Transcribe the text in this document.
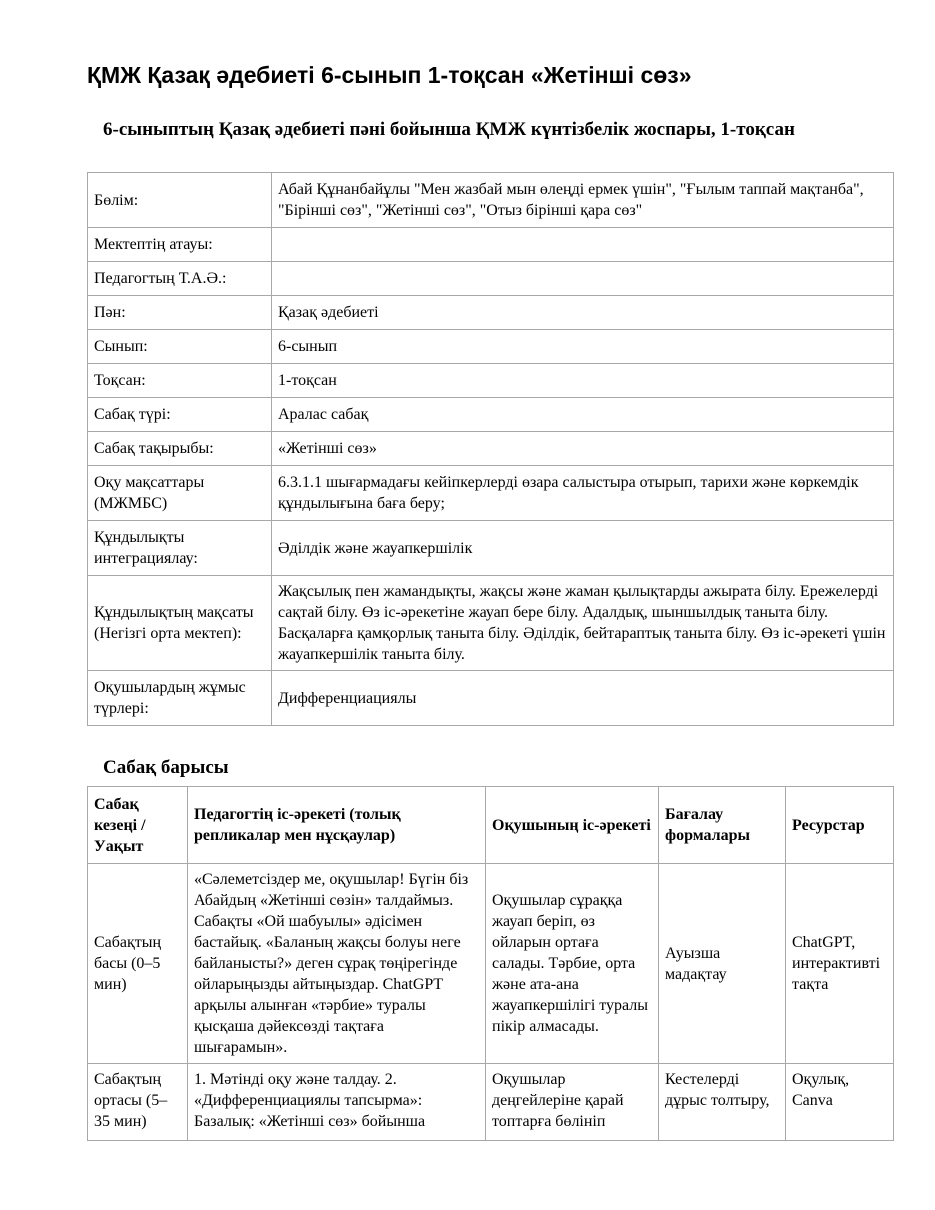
ҚМЖ Қазақ әдебиеті 6-сынып 1-тоқсан «Жетінші сөз»
6-сыныптың Қазақ әдебиеті пәні бойынша ҚМЖ күнтізбелік жоспары, 1-тоқсан
Бөлім:	Абай Құнанбайұлы "Мен жазбай мын өлеңді ермек үшін", "Ғылым таппай мақтанба", "Бірінші сөз", "Жетінші сөз", "Отыз бірінші қара сөз"
Мектептің атауы:	
Педагогтың Т.А.Ә.:	
Пән:	Қазақ әдебиеті
Сынып:	6-сынып
Тоқсан:	1-тоқсан
Сабақ түрі:	Аралас сабақ
Сабақ тақырыбы:	«Жетінші сөз»
Оқу мақсаттары (МЖМБС)	6.3.1.1 шығармадағы кейіпкерлерді өзара салыстыра отырып, тарихи және көркемдік құндылығына баға беру;
Құндылықты интеграциялау:	Әділдік және жауапкершілік
Құндылықтың мақсаты (Негізгі орта мектеп):	Жақсылық пен жамандықты, жақсы және жаман қылықтарды ажырата білу. Ережелерді сақтай білу. Өз іс-әрекетіне жауап бере білу. Адалдық, шыншылдық таныта білу. Басқаларға қамқорлық таныта білу. Әділдік, бейтараптық таныта білу. Өз іс-әрекеті үшін жауапкершілік таныта білу.
Оқушылардың жұмыс түрлері:	Дифференциациялы
Сабақ барысы
Сабақ кезеңі / Уақыт	Педагогтің іс-әрекеті (толық репликалар мен нұсқаулар)	Оқушының іс-әрекеті	Бағалау формалары	Ресурстар
Сабақтың басы (0–5 мин)	«Сәлеметсіздер ме, оқушылар! Бүгін біз Абайдың «Жетінші сөзін» талдаймыз. Сабақты «Ой шабуылы» әдісімен бастайық. «Баланың жақсы болуы неге байланысты?» деген сұрақ төңірегінде ойларыңызды айтыңыздар. ChatGPT арқылы алынған «тәрбие» туралы қысқаша дәйексөзді тақтаға шығарамын».	Оқушылар сұраққа жауап беріп, өз ойларын ортаға салады. Тәрбие, орта және ата-ана жауапкершілігі туралы пікір алмасады.	Ауызша мадақтау	ChatGPT, интерактивті тақта
Сабақтың ортасы (5–35 мин)	1. Мәтінді оқу және талдау. 2. «Дифференциациялы тапсырма»: Базалық: «Жетінші сөз» бойынша	Оқушылар деңгейлеріне қарай топтарға бөлініп	Кестелерді дұрыс толтыру,	Оқулық, Canva
